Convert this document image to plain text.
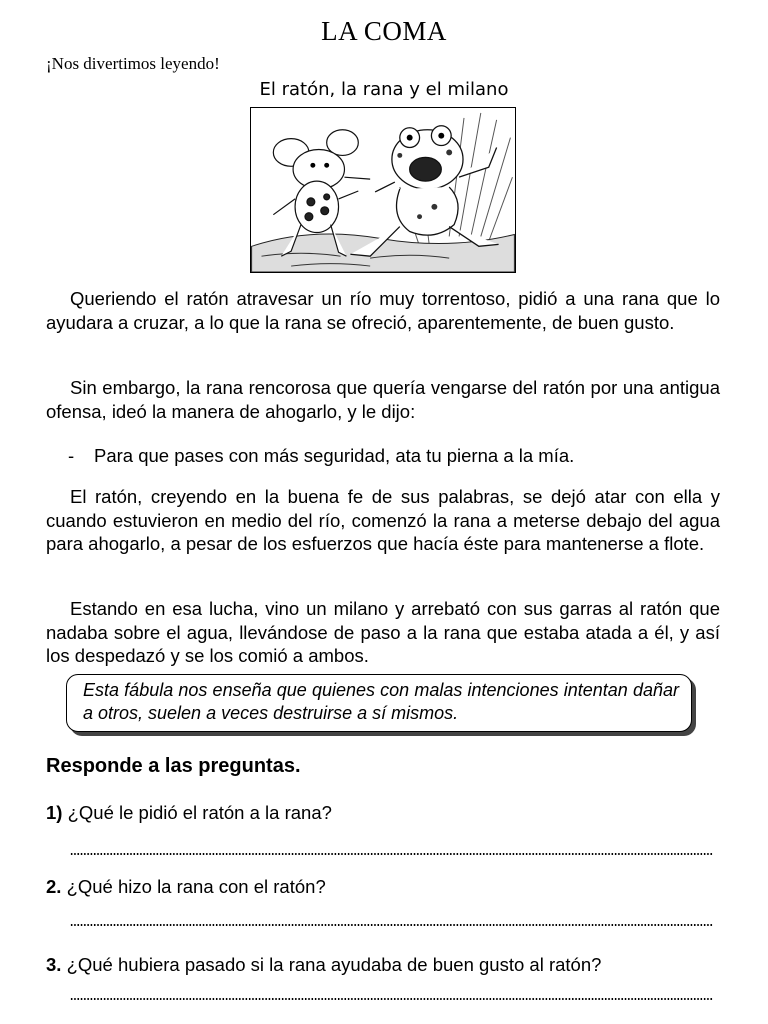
LA COMA
¡Nos divertimos leyendo!
El ratón, la rana y el milano

Queriendo el ratón atravesar un río muy torrentoso, pidió a una rana que lo ayudara a cruzar, a lo que la rana se ofreció, aparentemente, de buen gusto.

Sin embargo, la rana rencorosa que quería vengarse del ratón por una antigua ofensa, ideó la manera de ahogarlo, y le dijo:

- Para que pases con más seguridad, ata tu pierna a la mía.

El ratón, creyendo en la buena fe de sus palabras, se dejó atar con ella y cuando estuvieron en medio del río, comenzó la rana a meterse debajo del agua para ahogarlo, a pesar de los esfuerzos que hacía éste para mantenerse a flote.

Estando en esa lucha, vino un milano y arrebató con sus garras al ratón que nadaba sobre el agua, llevándose de paso a la rana que estaba atada a él, y así los despedazó y se los comió a ambos.

Esta fábula nos enseña que quienes con malas intenciones intentan dañar a otros, suelen a veces destruirse a sí mismos.
Responde a las preguntas.
1) ¿Qué le pidió el ratón a la rana?
2. ¿Qué hizo la rana con el ratón?
3. ¿Qué hubiera pasado si la rana ayudaba de buen gusto al ratón?
